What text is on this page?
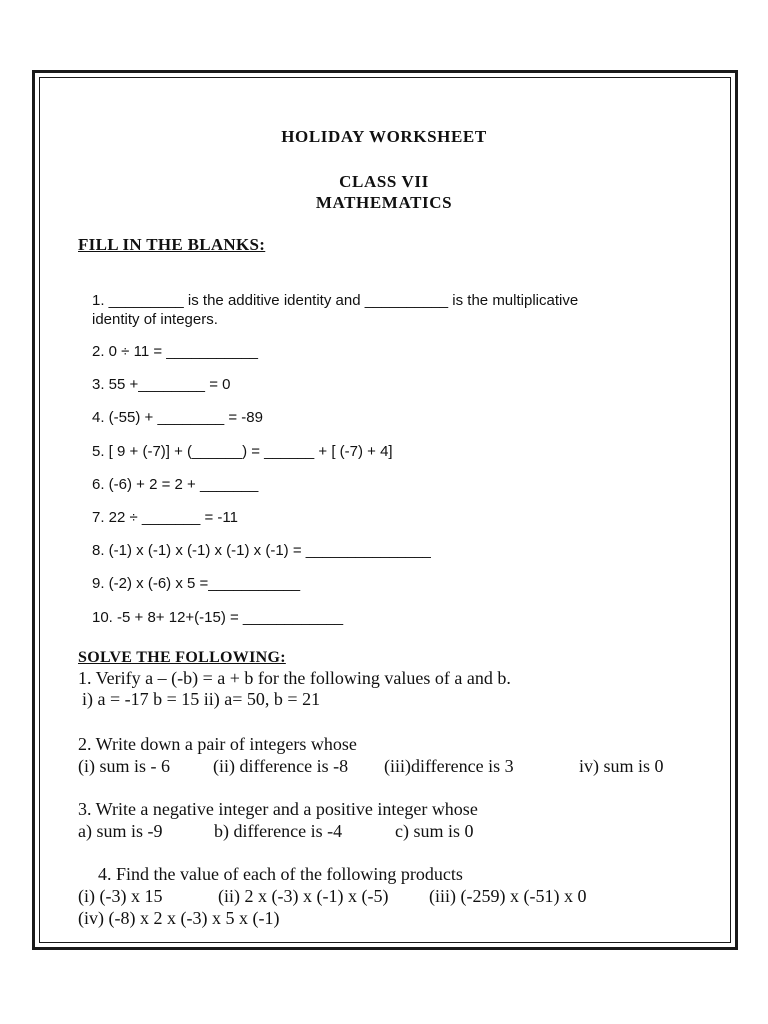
HOLIDAY WORKSHEET
CLASS VII
MATHEMATICS
FILL IN THE BLANKS:
1. _________ is the additive identity and __________ is the multiplicative
identity of integers.
2. 0 ÷ 11 = ___________
3. 55 +________ = 0
4. (-55) + ________ = -89
5. [ 9 + (-7)] + (______) = ______ + [ (-7) + 4]
6. (-6) + 2 = 2 + _______
7. 22 ÷ _______ = -11
8. (-1) x (-1) x (-1) x (-1) x (-1) = _______________
9. (-2) x (-6) x 5 =___________
10. -5 + 8+ 12+(-15) = ____________
SOLVE THE FOLLOWING:
1. Verify a – (-b) = a + b for the following values of a and b.
i) a = -17 b = 15 ii) a= 50, b = 21
2. Write down a pair of integers whose
(i) sum is - 6 (ii) difference is -8 (iii)difference is 3	iv) sum is 0
3. Write a negative integer and a positive integer whose
a) sum is -9	b) difference is -4	c) sum is 0
4. Find the value of each of the following products
(i) (-3) x 15	(ii) 2 x (-3) x (-1) x (-5) (iii) (-259) x (-51) x 0
(iv) (-8) x 2 x (-3) x 5 x (-1)
